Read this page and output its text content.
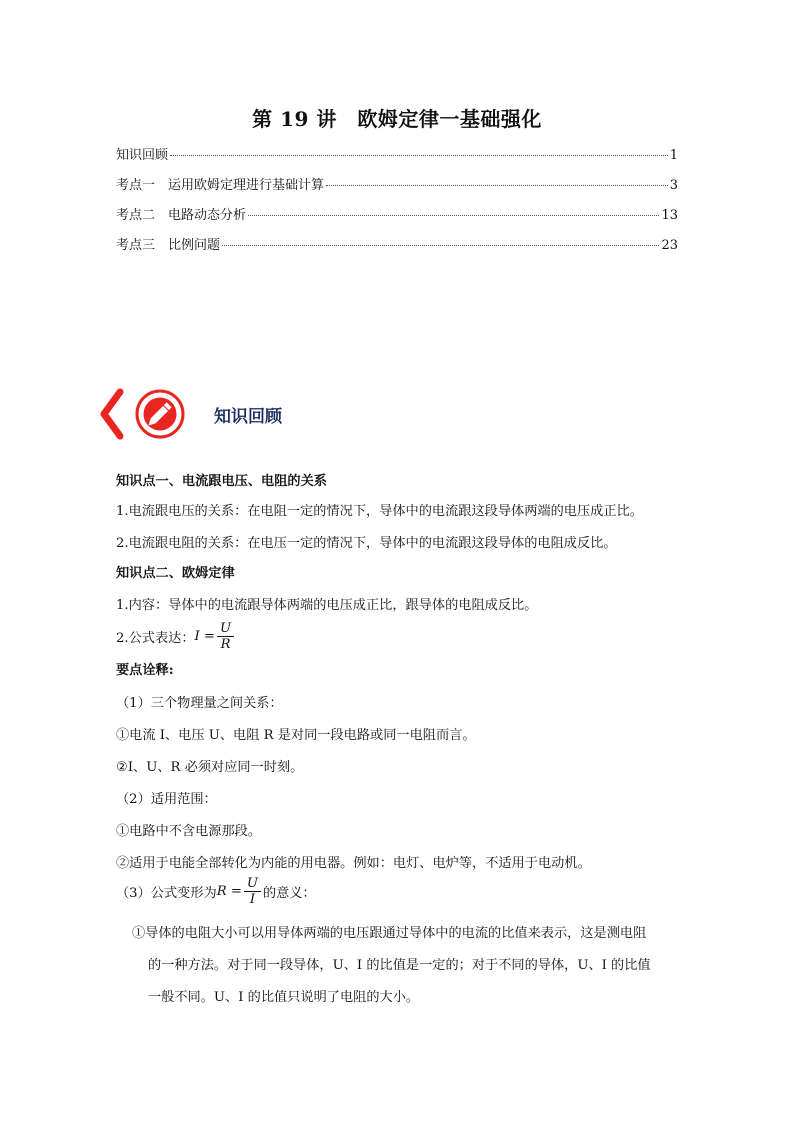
第 19 讲　欧姆定律一基础强化
知识回顾	1
考点一　运用欧姆定理进行基础计算	3
考点二　电路动态分析	13
考点三　比例问题	23
知识回顾
知识点一、电流跟电压、电阻的关系
1.电流跟电压的关系：在电阻一定的情况下，导体中的电流跟这段导体两端的电压成正比。
2.电流跟电阻的关系：在电压一定的情况下，导体中的电流跟这段导体的电阻成反比。
知识点二、欧姆定律
1.内容：导体中的电流跟导体两端的电压成正比，跟导体的电阻成反比。
2.公式表达： $I = \frac{U}{R}$
要点诠释:
（1）三个物理量之间关系：
①电流 I、电压 U、电阻 R 是对同一段电路或同一电阻而言。
②I、U、R 必须对应同一时刻。
（2）适用范围：
①电路中不含电源那段。
②适用于电能全部转化为内能的用电器。例如：电灯、电炉等，不适用于电动机。
（3）公式变形为 $R = \frac{U}{I}$ 的意义：
①导体的电阻大小可以用导体两端的电压跟通过导体中的电流的比值来表示，这是测电阻
的一种方法。对于同一段导体，U、I 的比值是一定的；对于不同的导体，U、I 的比值
一般不同。U、I 的比值只说明了电阻的大小。
